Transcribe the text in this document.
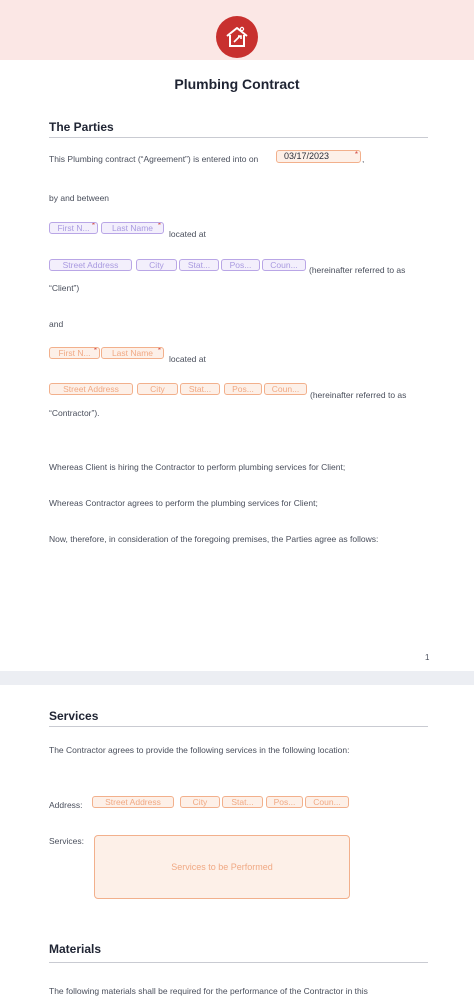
Plumbing Contract
The Parties
This Plumbing contract (“Agreement”) is entered into on	03/17/2023	* ,
by and between
First N... *	Last Name *
located at
Street Address	City	Stat...	Pos...	Coun...	(hereinafter referred to as
“Client”)
and
First N... *	Last Name *
located at
Street Address	City	Stat...	Pos...	Coun...
(hereinafter referred to as
“Contractor”).
Whereas Client is hiring the Contractor to perform plumbing services for Client;
Whereas Contractor agrees to perform the plumbing services for Client;
Now, therefore, in consideration of the foregoing premises, the Parties agree as follows:
1
Services
The Contractor agrees to provide the following services in the following location:
Address:	Street Address	City	Stat...	Pos...	Coun...
Services:
Services to be Performed
Materials
The following materials shall be required for the performance of the Contractor in this
